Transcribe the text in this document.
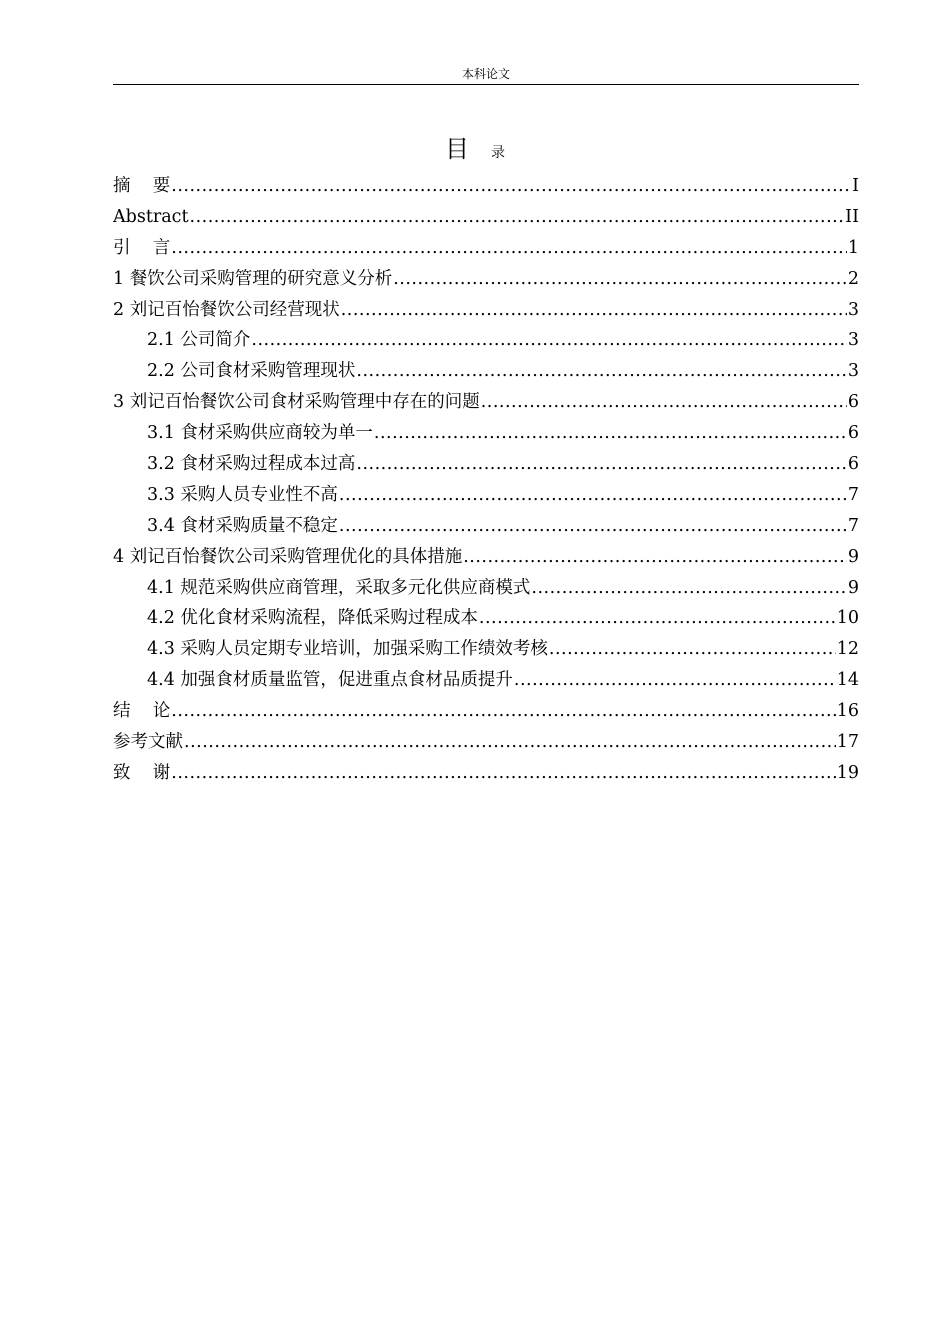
本科论文
目 录
摘    要 .....	I
Abstract .....	II
引    言 .....	1
1 餐饮公司采购管理的研究意义分析 .....	2
2 刘记百怡餐饮公司经营现状 .....	3
2.1 公司简介 .....	3
2.2 公司食材采购管理现状 .....	3
3 刘记百怡餐饮公司食材采购管理中存在的问题 .....	6
3.1 食材采购供应商较为单一 .....	6
3.2 食材采购过程成本过高 .....	6
3.3 采购人员专业性不高 .....	7
3.4 食材采购质量不稳定 .....	7
4 刘记百怡餐饮公司采购管理优化的具体措施 .....	9
4.1 规范采购供应商管理，采取多元化供应商模式 .....	9
4.2 优化食材采购流程，降低采购过程成本 .....	10
4.3 采购人员定期专业培训，加强采购工作绩效考核 .....	12
4.4 加强食材质量监管，促进重点食材品质提升 .....	14
结    论 .....	16
参考文献 .....	17
致    谢 .....	19
